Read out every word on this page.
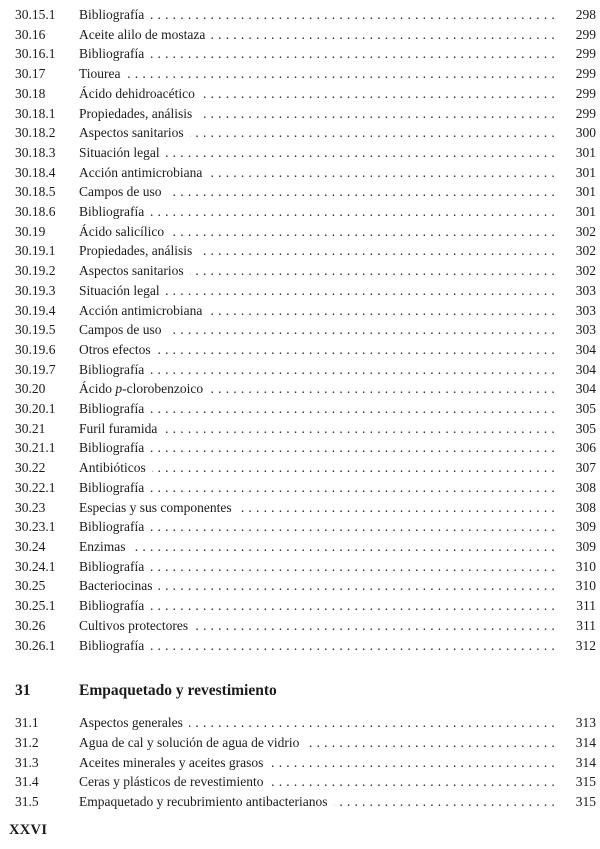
30.15.1	Bibliografía .....	298
30.16	Aceite alilo de mostaza .....	299
30.16.1	Bibliografía .....	299
30.17	Tiourea .....	299
30.18	Ácido dehidroacético .....	299
30.18.1	Propiedades, análisis .....	299
30.18.2	Aspectos sanitarios .....	300
30.18.3	Situación legal .....	301
30.18.4	Acción antimicrobiana .....	301
30.18.5	Campos de uso .....	301
30.18.6	Bibliografía .....	301
30.19	Ácido salicílico .....	302
30.19.1	Propiedades, análisis .....	302
30.19.2	Aspectos sanitarios .....	302
30.19.3	Situación legal .....	303
30.19.4	Acción antimicrobiana .....	303
30.19.5	Campos de uso .....	303
30.19.6	Otros efectos .....	304
30.19.7	Bibliografía .....	304
30.20	Ácido p-clorobenzoico .....	304
30.20.1	Bibliografía .....	305
30.21	Furil furamida .....	305
30.21.1	Bibliografía .....	306
30.22	Antibióticos .....	307
30.22.1	Bibliografía .....	308
30.23	Especias y sus componentes .....	308
30.23.1	Bibliografía .....	309
30.24	Enzimas .....	309
30.24.1	Bibliografía .....	310
30.25	Bacteriocinas .....	310
30.25.1	Bibliografía .....	311
30.26	Cultivos protectores .....	311
30.26.1	Bibliografía .....	312
31	Empaquetado y revestimiento
31.1	Aspectos generales .....	313
31.2	Agua de cal y solución de agua de vidrio .....	314
31.3	Aceites minerales y aceites grasos .....	314
31.4	Ceras y plásticos de revestimiento .....	315
31.5	Empaquetado y recubrimiento antibacterianos .....	315
XXVI
